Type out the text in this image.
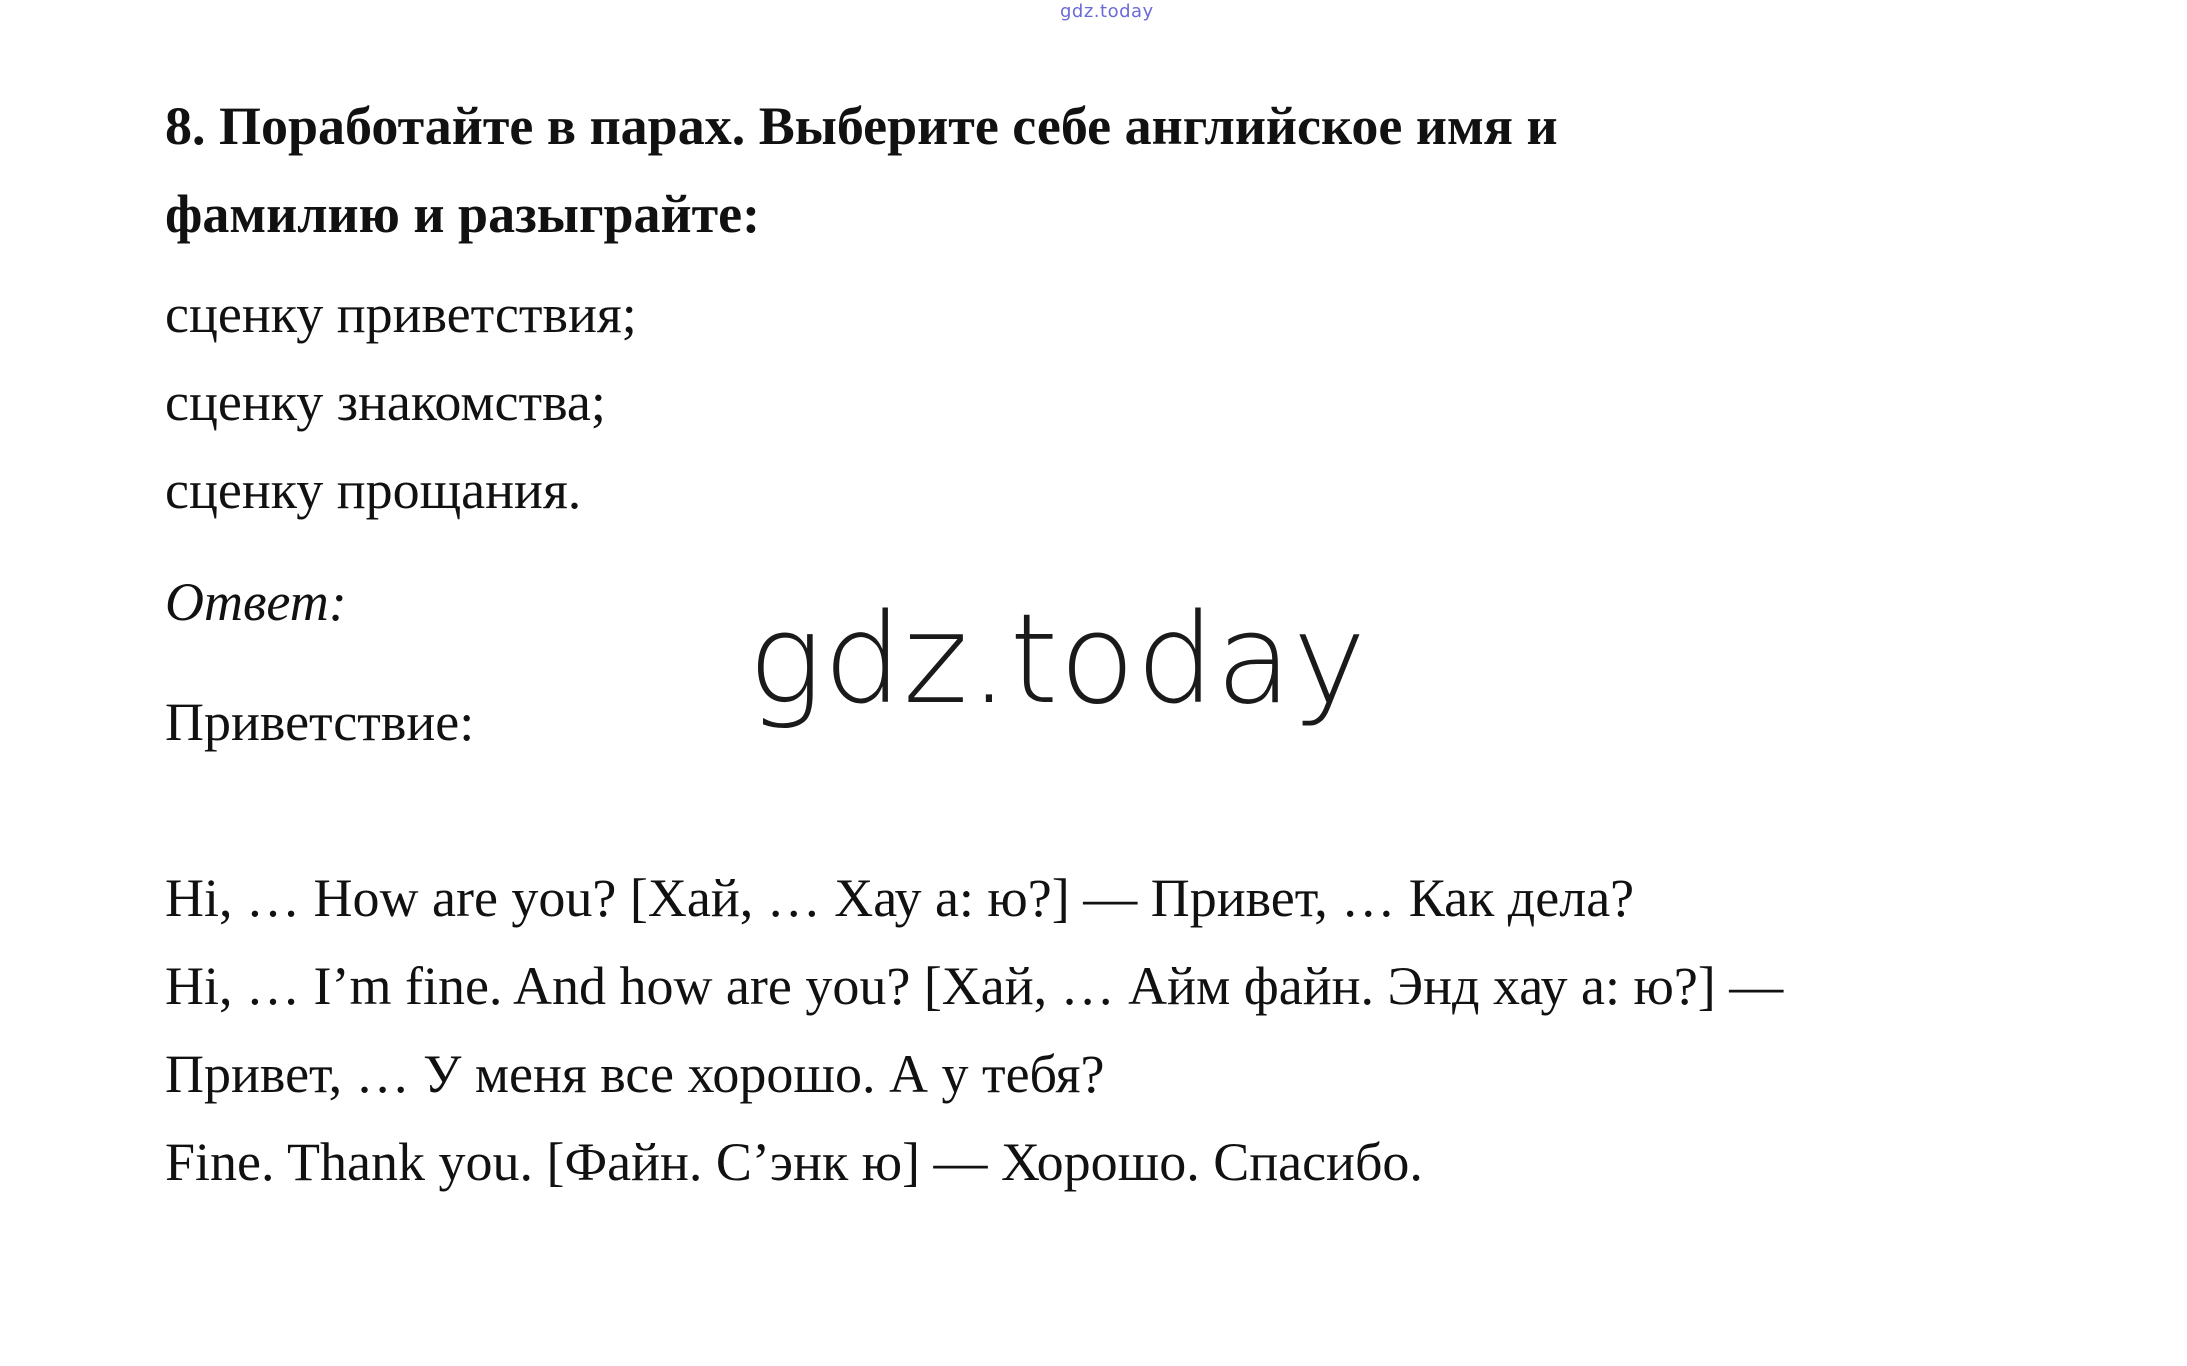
gdz.today
8. Поработайте в парах. Выберите себе английское имя и
фамилию и разыграйте:
сценку приветствия;
сценку знакомства;
сценку прощания.
Ответ:
Приветствие:

Hi, … How are you? [Хай, … Хау а: ю?] — Привет, … Как дела?

Hi, … I’m fine. And how are you? [Хай, … Айм файн. Энд хау а: ю?] —

Привет, … У меня все хорошо. А у тебя?

Fine. Thank you. [Файн. С’энк ю] — Хорошо. Спасибо.

gdz.today
